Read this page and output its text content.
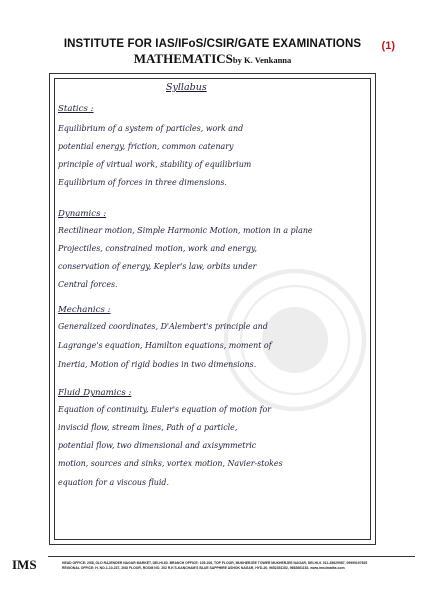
INSTITUTE FOR IAS/IFoS/CSIR/GATE EXAMINATIONS
MATHEMATICSby K. Venkanna
(1)
Syllabus
Statics :
Equilibrium of a system of particles, work and
potential energy, friction, common catenary
principle of virtual work, stability of equilibrium
Equilibrium of forces in three dimensions.
Dynamics :
Rectilinear motion, Simple Harmonic Motion, motion in a plane
Projectiles, constrained motion, work and energy,
conservation of energy, Kepler's law, orbits under
Central forces.
Mechanics :
Generalized coordinates, D'Alembert's principle and
Lagrange's equation, Hamilton equations, moment of
Inertia, Motion of rigid bodies in two dimensions.
Fluid Dynamics :
Equation of continuity, Euler's equation of motion for
inviscid flow, stream lines, Path of a particle,
potential flow, two dimensional and axisymmetric
motion, sources and sinks, vortex motion, Navier-stokes
equation for a viscous fluid.
IMS	HEAD OFFICE: 25/8, OLD RAJENDER NAGAR MARKET, DELHI-60. BRANCH OFFICE: 105-106, TOP FLOOR, MUKHERJEE TOWER MUKHERJEE NAGAR, DELHI-9. 011-45629987, 09999197625
REGIONAL OFFICE: H. NO-1-10-237, 2ND FLOOR, ROOM NO. 202 R.K'S-KANCHAM'S BLUE SAPPHIRE ASHOK NAGAR, HYD-20. 9652351152, 9652661152. www.ims4maths.com
